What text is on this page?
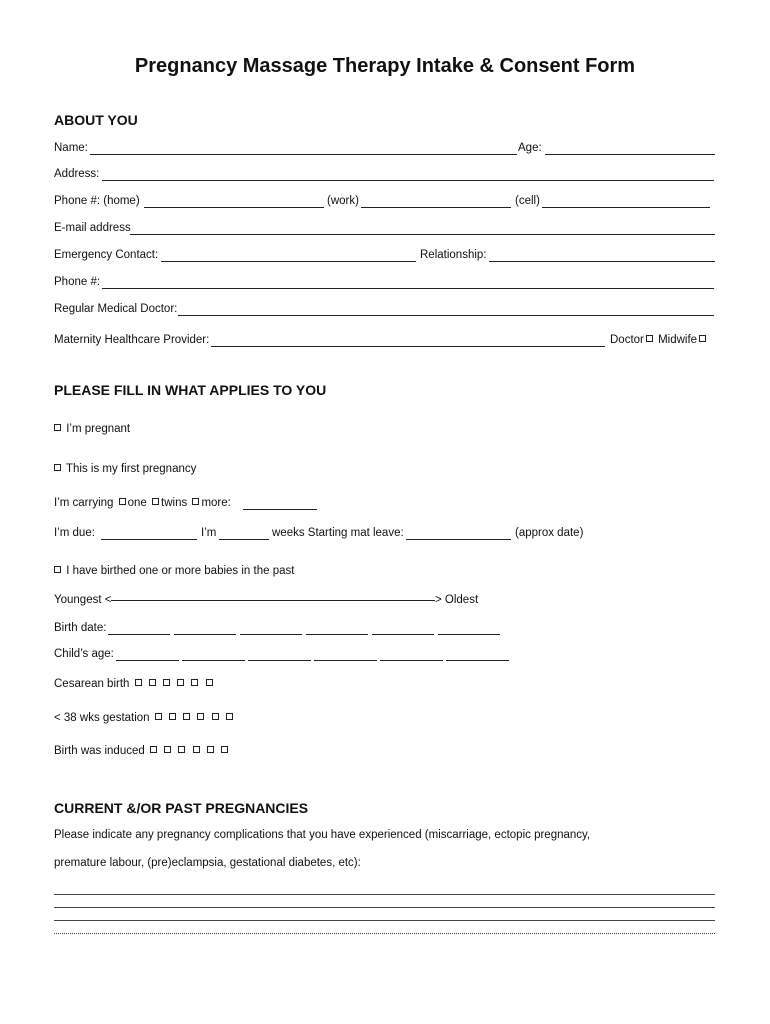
Pregnancy Massage Therapy Intake & Consent Form
ABOUT YOU
Name:	Age:
Address:
Phone #: (home)	(work)	(cell)
E-mail address
Emergency Contact:	Relationship:
Phone #:
Regular Medical Doctor:
Maternity Healthcare Provider:	Doctor Midwife
PLEASE FILL IN WHAT APPLIES TO YOU
I’m pregnant
This is my first pregnancy
I’m carrying one twins more:
I’m due:	I’m	weeks Starting mat leave:	(approx date)
I have birthed one or more babies in the past
Youngest <	> Oldest
Birth date:
Child’s age:
Cesarean birth
< 38 wks gestation
Birth was induced
CURRENT &/OR PAST PREGNANCIES
Please indicate any pregnancy complications that you have experienced (miscarriage, ectopic pregnancy,
premature labour, (pre)eclampsia, gestational diabetes, etc):
